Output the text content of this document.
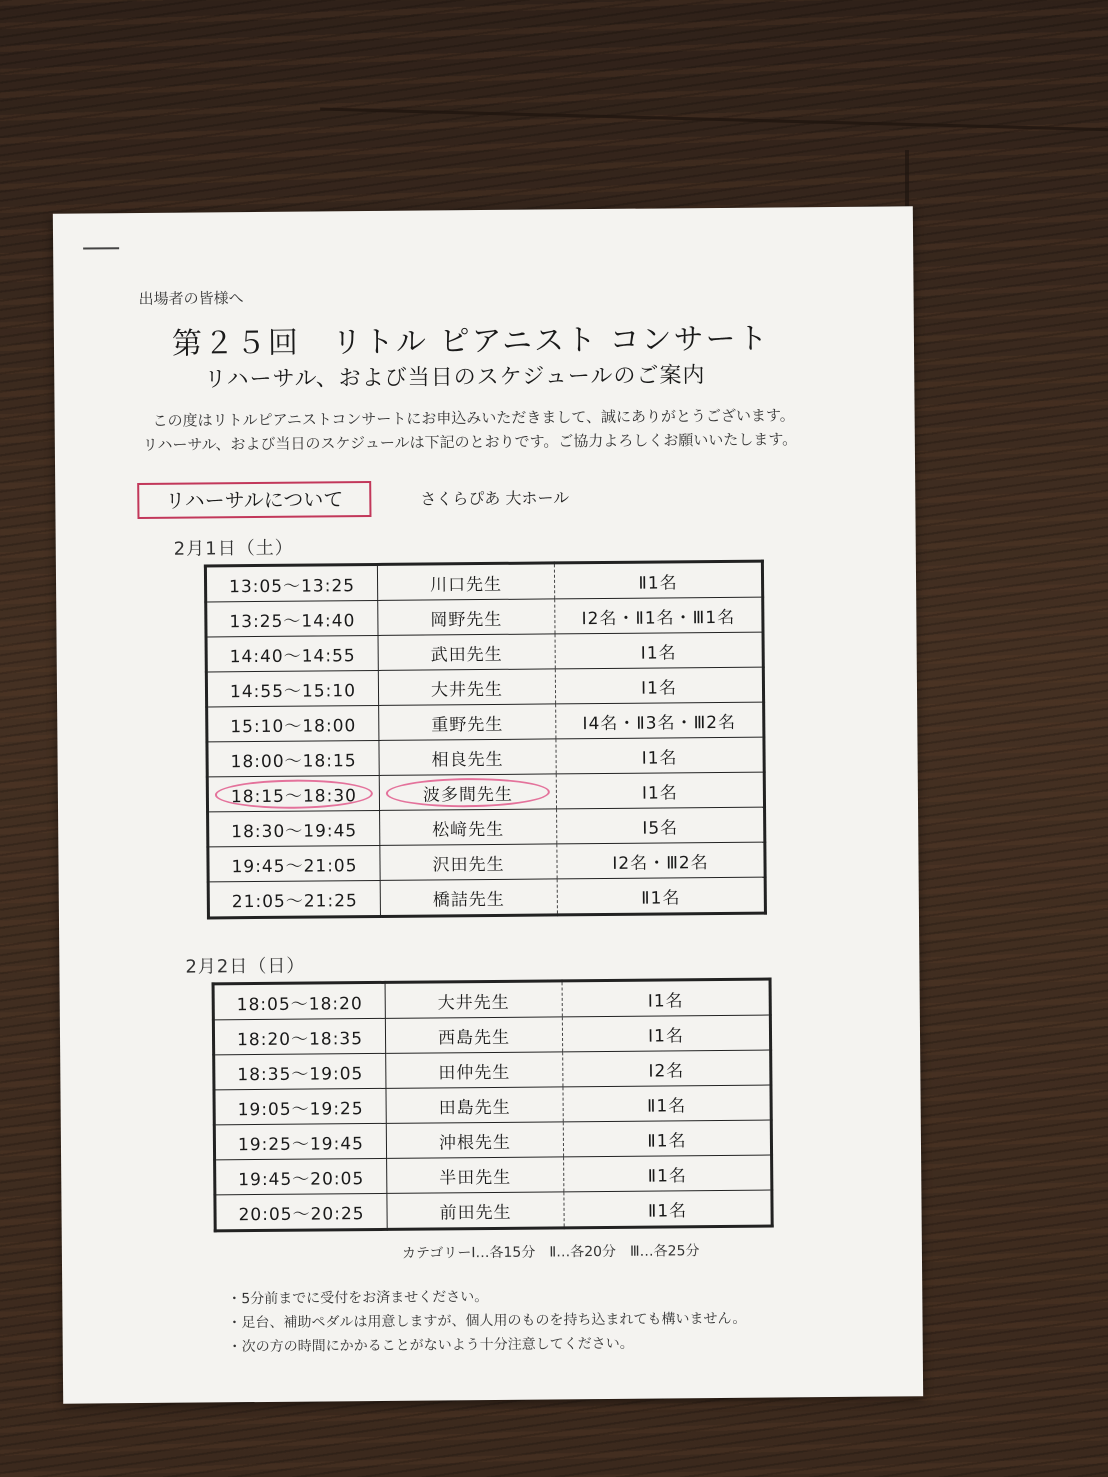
出場者の皆様へ
第２５回　リトル ピアニスト コンサート
リハーサル、および当日のスケジュールのご案内
この度はリトルピアニストコンサートにお申込みいただきまして、誠にありがとうございます。
リハーサル、および当日のスケジュールは下記のとおりです。ご協力よろしくお願いいたします。
リハーサルについて	さくらぴあ 大ホール
2月1日（土）
13:05～13:25	川口先生	Ⅱ1名
13:25～14:40	岡野先生	Ⅰ2名・Ⅱ1名・Ⅲ1名
14:40～14:55	武田先生	Ⅰ1名
14:55～15:10	大井先生	Ⅰ1名
15:10～18:00	重野先生	Ⅰ4名・Ⅱ3名・Ⅲ2名
18:00～18:15	相良先生	Ⅰ1名
18:15～18:30	波多間先生	Ⅰ1名
18:30～19:45	松﨑先生	Ⅰ5名
19:45～21:05	沢田先生	Ⅰ2名・Ⅲ2名
21:05～21:25	橋詰先生	Ⅱ1名
2月2日（日）
18:05～18:20	大井先生	Ⅰ1名
18:20～18:35	西島先生	Ⅰ1名
18:35～19:05	田仲先生	Ⅰ2名
19:05～19:25	田島先生	Ⅱ1名
19:25～19:45	沖根先生	Ⅱ1名
19:45～20:05	半田先生	Ⅱ1名
20:05～20:25	前田先生	Ⅱ1名
カテゴリーⅠ…各15分　Ⅱ…各20分　Ⅲ…各25分
・5分前までに受付をお済ませください。
・足台、補助ペダルは用意しますが、個人用のものを持ち込まれても構いません。
・次の方の時間にかかることがないよう十分注意してください。
